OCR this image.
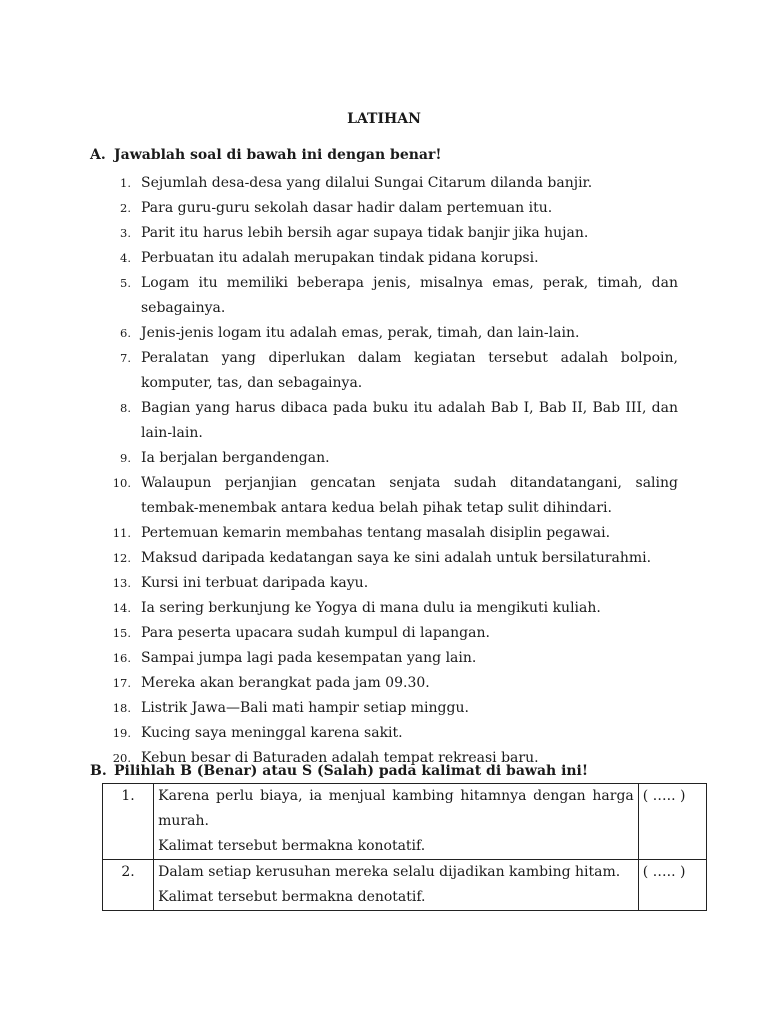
LATIHAN
A. Jawablah soal di bawah ini dengan benar!
1. Sejumlah desa-desa yang dilalui Sungai Citarum dilanda banjir.
2. Para guru-guru sekolah dasar hadir dalam pertemuan itu.
3. Parit itu harus lebih bersih agar supaya tidak banjir jika hujan.
4. Perbuatan itu adalah merupakan tindak pidana korupsi.
5. Logam itu memiliki beberapa jenis, misalnya emas, perak, timah, dan sebagainya.
6. Jenis-jenis logam itu adalah emas, perak, timah, dan lain-lain.
7. Peralatan yang diperlukan dalam kegiatan tersebut adalah bolpoin, komputer, tas, dan sebagainya.
8. Bagian yang harus dibaca pada buku itu adalah Bab I, Bab II, Bab III, dan lain-lain.
9. Ia berjalan bergandengan.
10. Walaupun perjanjian gencatan senjata sudah ditandatangani, saling tembak-menembak antara kedua belah pihak tetap sulit dihindari.
11. Pertemuan kemarin membahas tentang masalah disiplin pegawai.
12. Maksud daripada kedatangan saya ke sini adalah untuk bersilaturahmi.
13. Kursi ini terbuat daripada kayu.
14. Ia sering berkunjung ke Yogya di mana dulu ia mengikuti kuliah.
15. Para peserta upacara sudah kumpul di lapangan.
16. Sampai jumpa lagi pada kesempatan yang lain.
17. Mereka akan berangkat pada jam 09.30.
18. Listrik Jawa—Bali mati hampir setiap minggu.
19. Kucing saya meninggal karena sakit.
20. Kebun besar di Baturaden adalah tempat rekreasi baru.
B. Pilihlah B (Benar) atau S (Salah) pada kalimat di bawah ini!
1.	Karena perlu biaya, ia menjual kambing hitamnya dengan harga murah.
Kalimat tersebut bermakna konotatif.	( ….. )
2.	Dalam setiap kerusuhan mereka selalu dijadikan kambing hitam.
Kalimat tersebut bermakna denotatif.	( ….. )
